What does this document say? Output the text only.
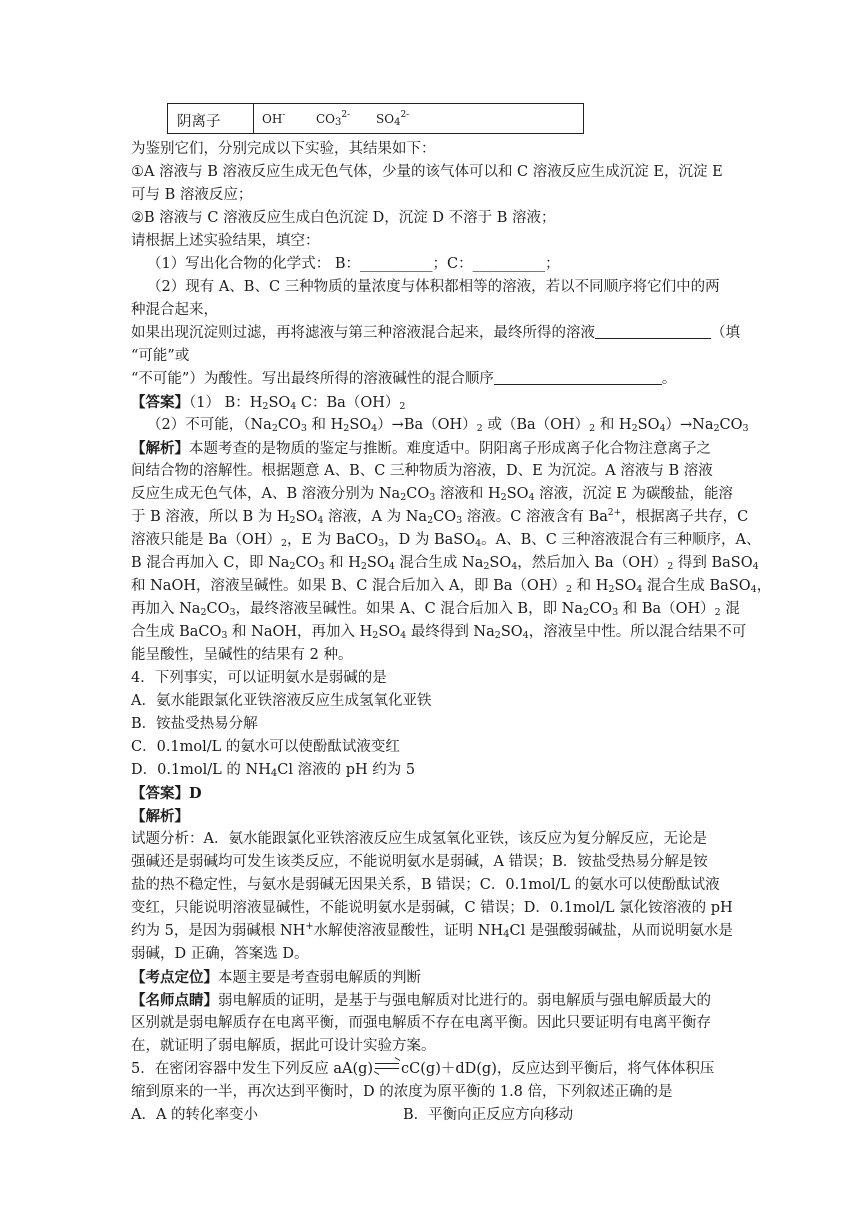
阴离子	OH-	$CO_3^{2-}$	$SO_4^{2-}$
为鉴别它们，分别完成以下实验，其结果如下：
①A 溶液与 B 溶液反应生成无色气体，少量的该气体可以和 C 溶液反应生成沉淀 E，沉淀 E
可与 B 溶液反应；
②B 溶液与 C 溶液反应生成白色沉淀 D，沉淀 D 不溶于 B 溶液；
请根据上述实验结果，填空：
（1）写出化合物的化学式： B：__________；C：__________；
（2）现有 A、B、C 三种物质的量浓度与体积都相等的溶液，若以不同顺序将它们中的两
种混合起来，
如果出现沉淀则过滤，再将滤液与第三种溶液混合起来，最终所得的溶液	（填
“可能”或
“不可能”）为酸性。写出最终所得的溶液碱性的混合顺序	。
【答案】（1） B：$H_2SO_4$ C：$Ba(OH)_2$
（2）不可能，（$Na_2CO_3$ 和 $H_2SO_4)\to Ba(OH)_2$ 或（$Ba(OH)_2$ 和 $H_2SO_4)\to Na_2CO_3$
【解析】本题考查的是物质的鉴定与推断。难度适中。阴阳离子形成离子化合物注意离子之
间结合物的溶解性。根据题意 A、B、C 三种物质为溶液，D、E 为沉淀。A 溶液与 B 溶液
反应生成无色气体，A、B 溶液分别为 $Na_2CO_3$ 溶液和 $H_2SO_4$ 溶液，沉淀 E 为碳酸盐，能溶
于 B 溶液，所以 B 为 $H_2SO_4$ 溶液，A 为 $Na_2CO_3$ 溶液。C 溶液含有 $Ba^{2+}$，根据离子共存，C
溶液只能是 $Ba(OH)_2$，E 为 BaCO$_3$，D 为 BaSO$_4$。A、B、C 三种溶液混合有三种顺序，A、
B 混合再加入 C，即 $Na_2CO_3$ 和 $H_2SO_4$ 混合生成 $Na_2SO_4$，然后加入 $Ba(OH)_2$ 得到 BaSO$_4$
和 NaOH，溶液呈碱性。如果 B、C 混合后加入 A，即 $Ba(OH)_2$ 和 $H_2SO_4$ 混合生成 BaSO$_4$，
再加入 $Na_2CO_3$，最终溶液呈碱性。如果 A、C 混合后加入 B，即 $Na_2CO_3$ 和 $Ba(OH)_2$ 混
合生成 BaCO$_3$ 和 NaOH，再加入 $H_2SO_4$ 最终得到 $Na_2SO_4$，溶液呈中性。所以混合结果不可
能呈酸性，呈碱性的结果有 2 种。
4．下列事实，可以证明氨水是弱碱的是
A．氨水能跟氯化亚铁溶液反应生成氢氧化亚铁
B．铵盐受热易分解
C．0.1mol/L 的氨水可以使酚酞试液变红
D．0.1mol/L 的 $NH_4Cl$ 溶液的 pH 约为 5
【答案】D
【解析】
试题分析：A．氨水能跟氯化亚铁溶液反应生成氢氧化亚铁，该反应为复分解反应，无论是
强碱还是弱碱均可发生该类反应，不能说明氨水是弱碱，A 错误；B．铵盐受热易分解是铵
盐的热不稳定性，与氨水是弱碱无因果关系，B 错误；C．0.1mol/L 的氨水可以使酚酞试液
变红，只能说明溶液显碱性，不能说明氨水是弱碱，C 错误；D．0.1mol/L 氯化铵溶液的 pH
约为 5，是因为弱碱根 NH+水解使溶液显酸性，证明 $NH_4Cl$ 是强酸弱碱盐，从而说明氨水是
弱碱，D 正确，答案选 D。
【考点定位】本题主要是考查弱电解质的判断
【名师点睛】弱电解质的证明，是基于与强电解质对比进行的。弱电解质与强电解质最大的
区别就是弱电解质存在电离平衡，而强电解质不存在电离平衡。因此只要证明有电离平衡存
在，就证明了弱电解质，据此可设计实验方案。
5．在密闭容器中发生下列反应 aA(g) cC(g)＋dD(g)，反应达到平衡后，将气体体积压
缩到原来的一半，再次达到平衡时，D 的浓度为原平衡的 1.8 倍，下列叙述正确的是
A．A 的转化率变小	B．平衡向正反应方向移动
